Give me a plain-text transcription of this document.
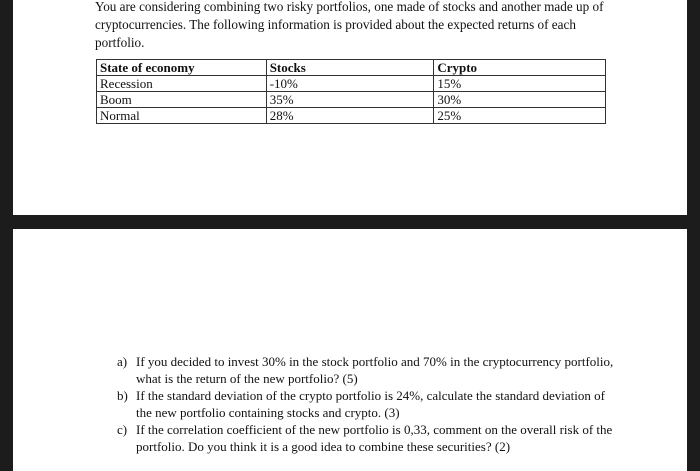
You are considering combining two risky portfolios, one made of stocks and another made up of cryptocurrencies. The following information is provided about the expected returns of each portfolio.

State of economy	Stocks	Crypto
Recession	-10%	15%
Boom	35%	30%
Normal	28%	25%
a) If you decided to invest 30% in the stock portfolio and 70% in the cryptocurrency portfolio, what is the return of the new portfolio? (5)
b) If the standard deviation of the crypto portfolio is 24%, calculate the standard deviation of the new portfolio containing stocks and crypto. (3)
c) If the correlation coefficient of the new portfolio is 0,33, comment on the overall risk of the portfolio. Do you think it is a good idea to combine these securities? (2)
